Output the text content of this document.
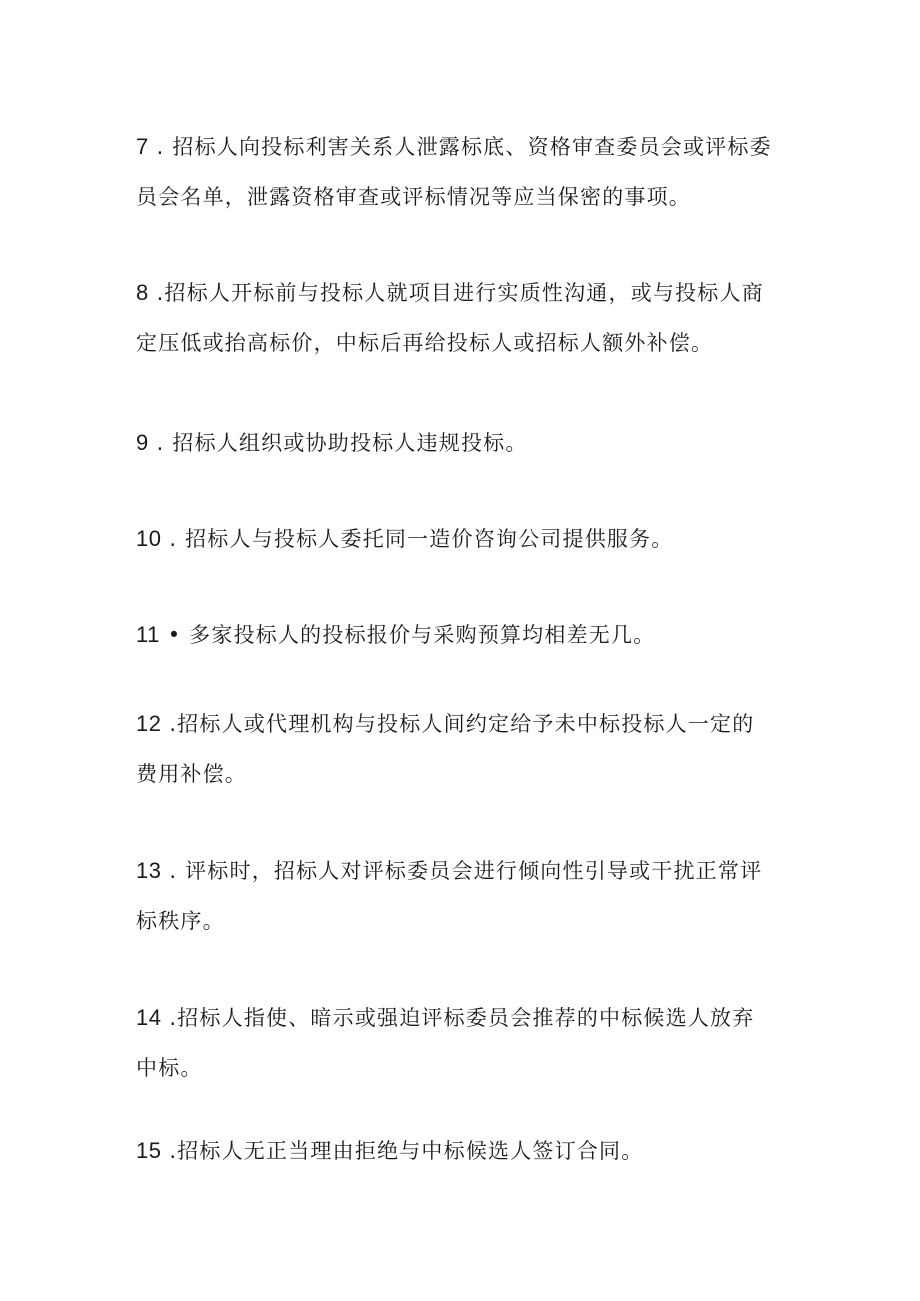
7 . 招标人向投标利害关系人泄露标底、资格审查委员会或评标委
员会名单，泄露资格审查或评标情况等应当保密的事项。
8 .招标人开标前与投标人就项目进行实质性沟通，或与投标人商
定压低或抬高标价，中标后再给投标人或招标人额外补偿。
9 . 招标人组织或协助投标人违规投标。
10 . 招标人与投标人委托同一造价咨询公司提供服务。
11 • 多家投标人的投标报价与采购预算均相差无几。
12 .招标人或代理机构与投标人间约定给予未中标投标人一定的
费用补偿。
13 . 评标时，招标人对评标委员会进行倾向性引导或干扰正常评
标秩序。
14 .招标人指使、暗示或强迫评标委员会推荐的中标候选人放弃
中标。
15 .招标人无正当理由拒绝与中标候选人签订合同。
